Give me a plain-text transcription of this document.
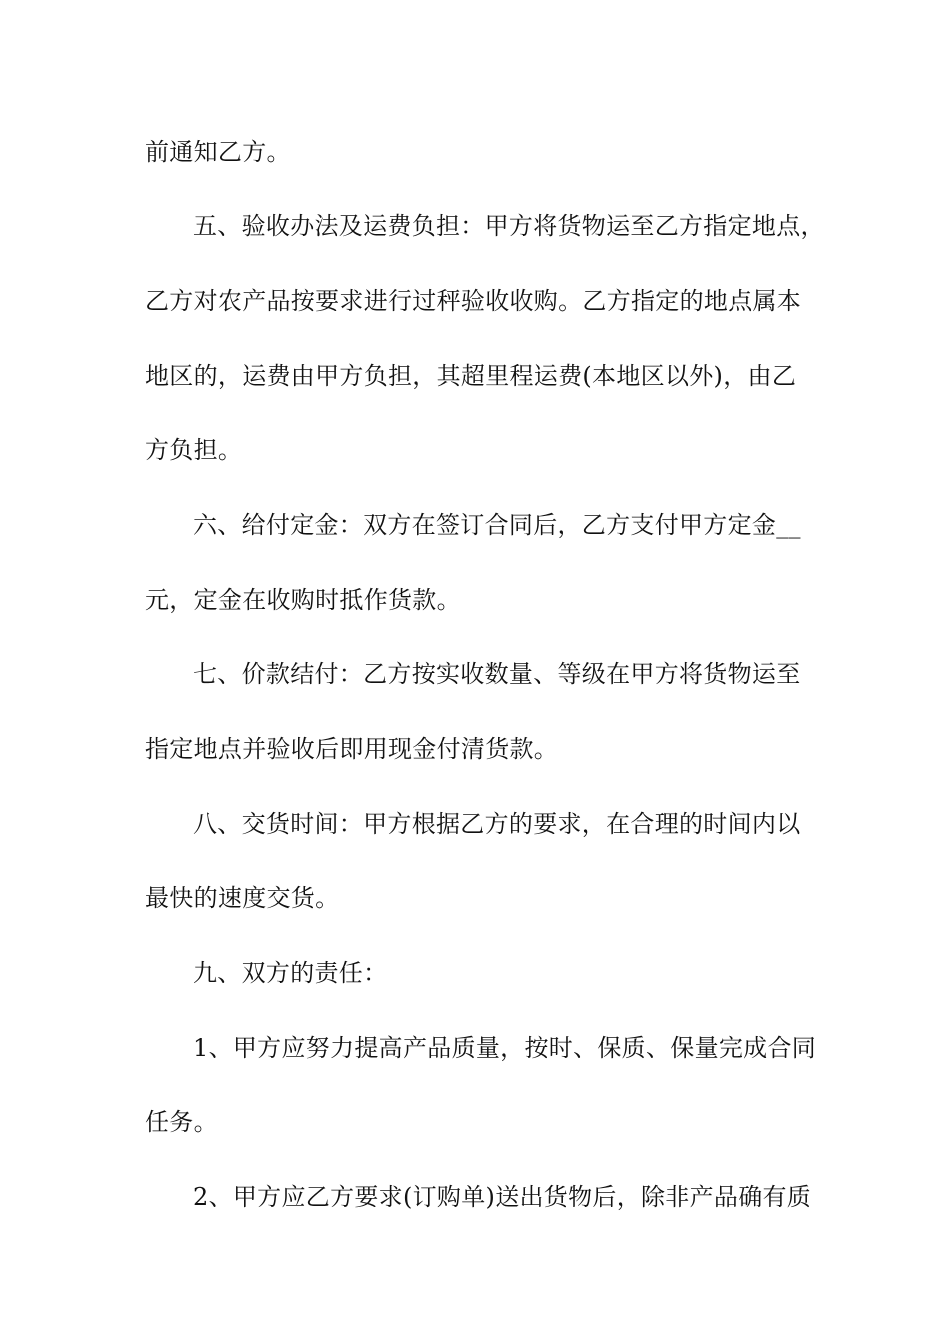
前通知乙方。
五、验收办法及运费负担：甲方将货物运至乙方指定地点，
乙方对农产品按要求进行过秤验收收购。乙方指定的地点属本
地区的，运费由甲方负担，其超里程运费(本地区以外)，由乙
方负担。
六、给付定金：双方在签订合同后，乙方支付甲方定金__
元，定金在收购时抵作货款。
七、价款结付：乙方按实收数量、等级在甲方将货物运至
指定地点并验收后即用现金付清货款。
八、交货时间：甲方根据乙方的要求，在合理的时间内以
最快的速度交货。
九、双方的责任：
1、甲方应努力提高产品质量，按时、保质、保量完成合同
任务。
2、甲方应乙方要求(订购单)送出货物后，除非产品确有质
